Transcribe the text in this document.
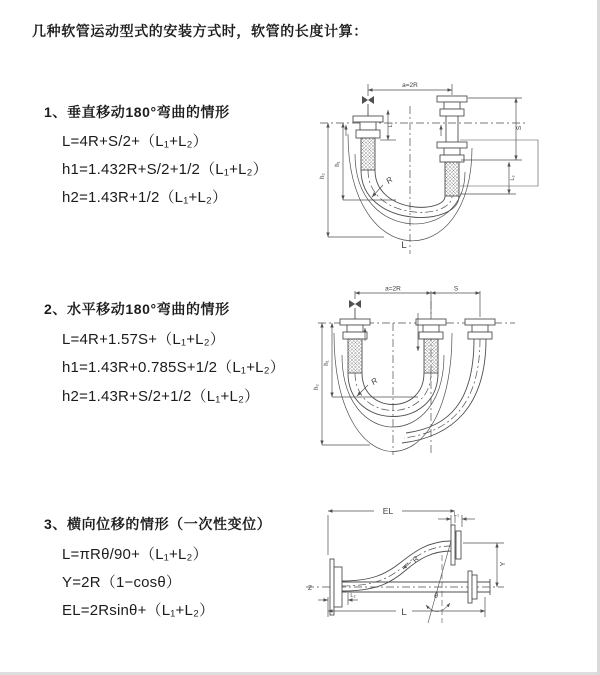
几种软管运动型式的安装方式时，软管的长度计算：
1、垂直移动180°弯曲的情形
L=4R+S/2+（L₁+L₂）
h1=1.432R+S/2+1/2（L₁+L₂）
h2=1.43R+1/2（L₁+L₂）
2、水平移动180°弯曲的情形
L=4R+1.57S+（L₁+L₂）
h1=1.43R+0.785S+1/2（L₁+L₂）
h2=1.43R+S/2+1/2（L₁+L₂）
3、横向位移的情形（一次性变位）
L=πRθ/90+（L₁+L₂）
Y=2R（1−cosθ）
EL=2Rsinθ+（L₁+L₂）
a=2R
S
L₂
L₁
h₁
h₂	R
L
a=2R	S
h₁
h₂
R
EL	L₁
Y
R
θ
L
L₂
Z
